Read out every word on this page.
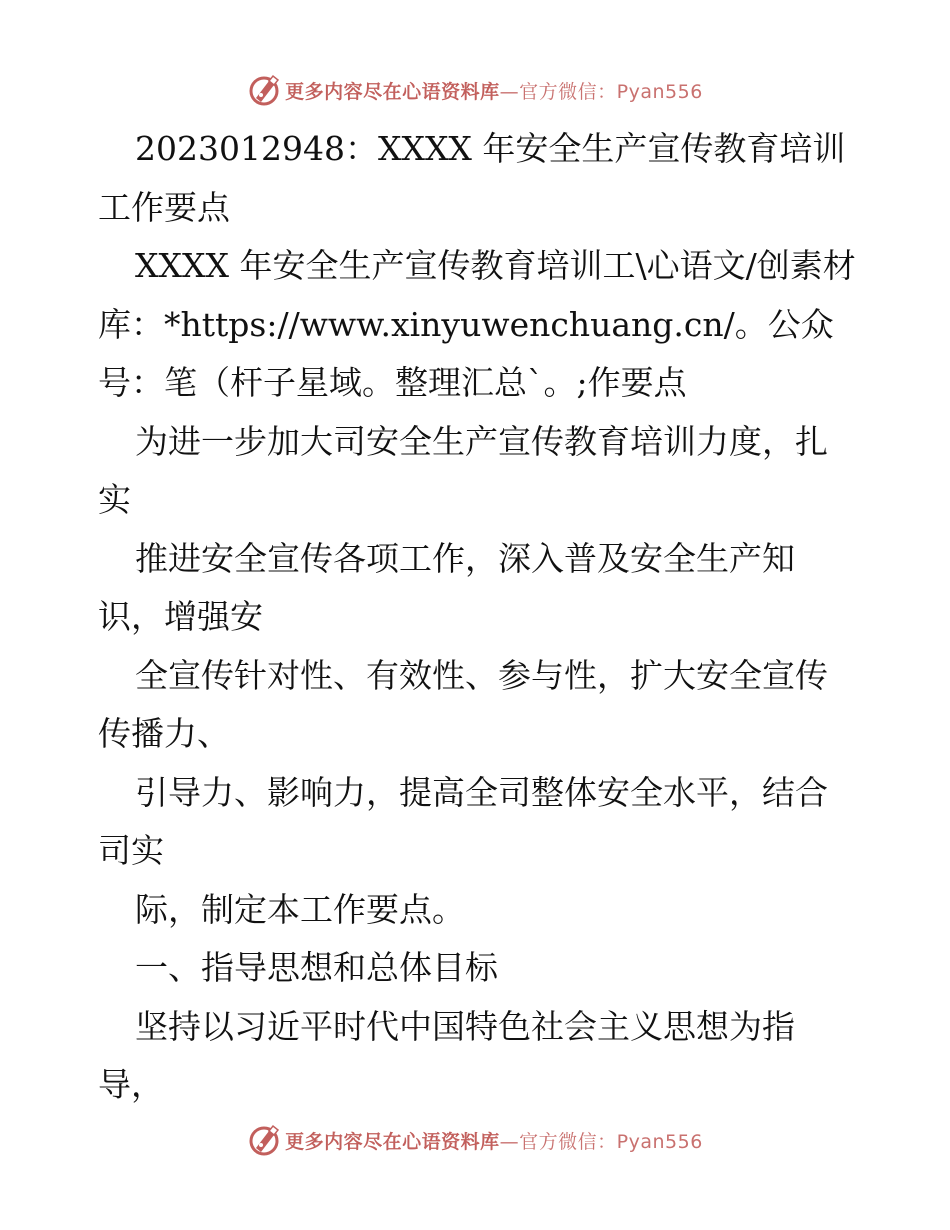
更多内容尽在心语资料库—官方微信：Pyan556

2023012948：XXXX 年安全生产宣传教育培训工作要点

XXXX 年安全生产宣传教育培训工\心语文/创素材库：*https://www.xinyuwenchuang.cn/。公众号：笔（杆子星域。整理汇总`。;作要点

为进一步加大司安全生产宣传教育培训力度，扎实

推进安全宣传各项工作，深入普及安全生产知识，增强安

全宣传针对性、有效性、参与性，扩大安全宣传传播力、

引导力、影响力，提高全司整体安全水平，结合司实

际，制定本工作要点。

一、指导思想和总体目标

坚持以习近平时代中国特色社会主义思想为指导，

更多内容尽在心语资料库—官方微信：Pyan556
